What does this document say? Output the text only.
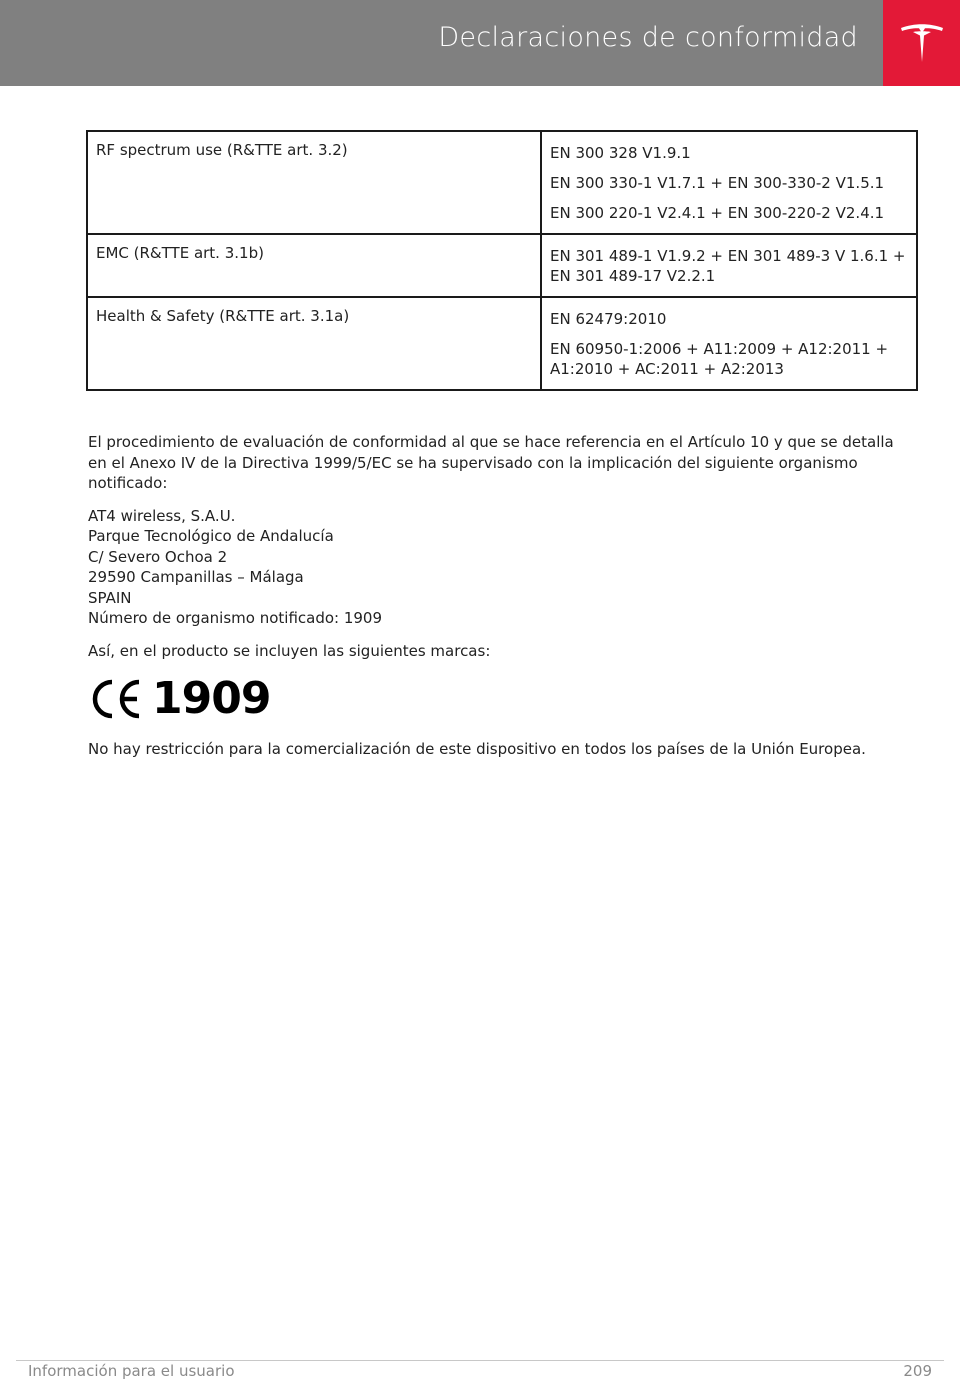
Declaraciones de conformidad
RF spectrum use (R&TTE art. 3.2)	EN 300 328 V1.9.1

EN 300 330-1 V1.7.1 + EN 300-330-2 V1.5.1

EN 300 220-1 V2.4.1 + EN 300-220-2 V2.4.1

EMC (R&TTE art. 3.1b)	EN 301 489-1 V1.9.2 + EN 301 489-3 V 1.6.1 + EN 301 489-17 V2.2.1

Health & Safety (R&TTE art. 3.1a)	EN 62479:2010

EN 60950-1:2006 + A11:2009 + A12:2011 + A1:2010 + AC:2011 + A2:2013

El procedimiento de evaluación de conformidad al que se hace referencia en el Artículo 10 y que se detalla en el Anexo IV de la Directiva 1999/5/EC se ha supervisado con la implicación del siguiente organismo notificado:

AT4 wireless, S.A.U.
Parque Tecnológico de Andalucía
C/ Severo Ochoa 2
29590 Campanillas – Málaga
SPAIN
Número de organismo notificado: 1909

Así, en el producto se incluyen las siguientes marcas:

1909

No hay restricción para la comercialización de este dispositivo en todos los países de la Unión Europea.

Información para el usuario	209
